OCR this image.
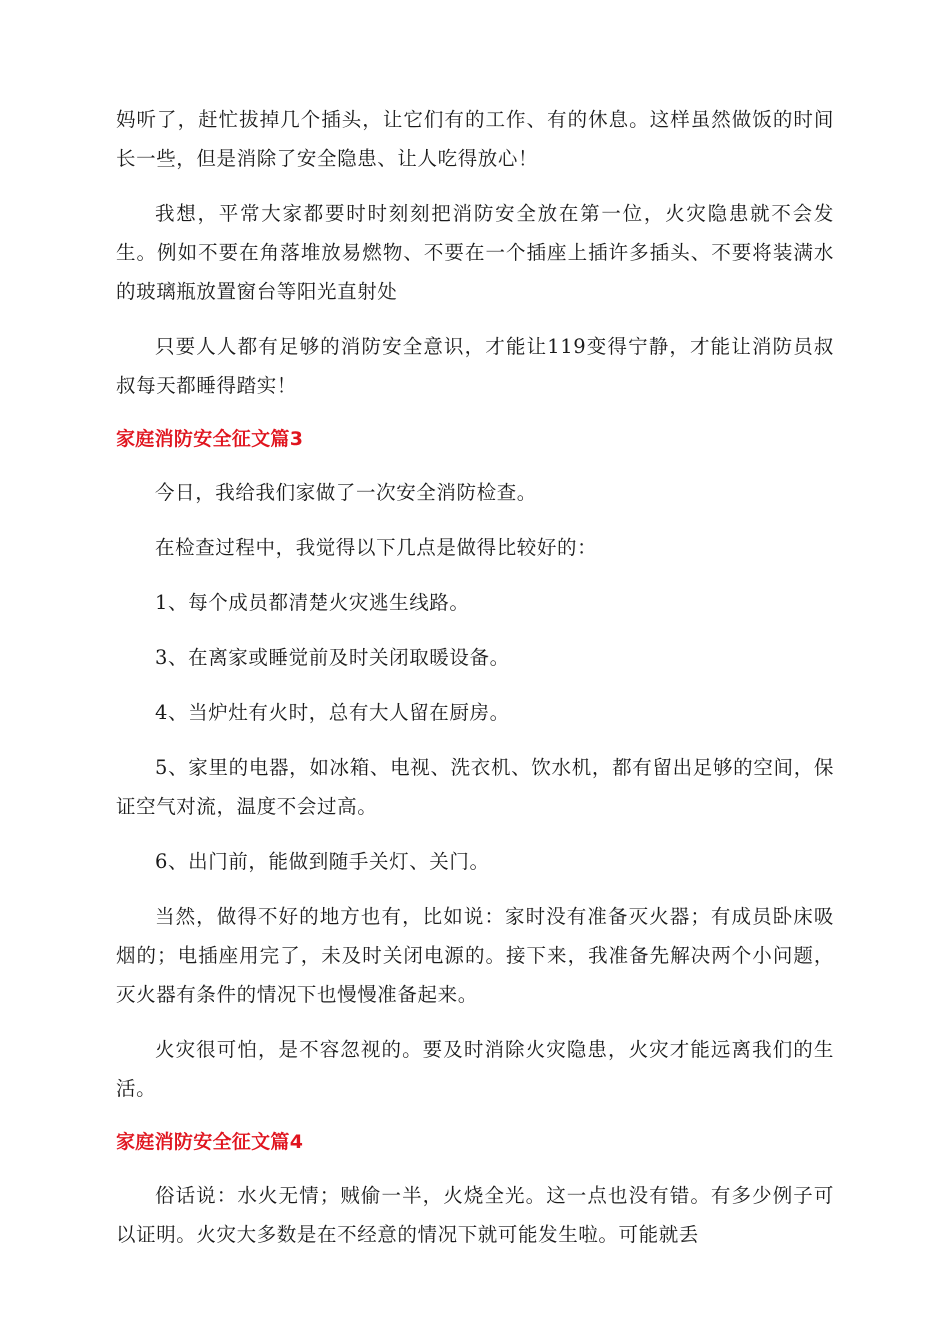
妈听了，赶忙拔掉几个插头，让它们有的工作、有的休息。这样虽然做饭的时间长一些，但是消除了安全隐患、让人吃得放心！

我想，平常大家都要时时刻刻把消防安全放在第一位，火灾隐患就不会发生。例如不要在角落堆放易燃物、不要在一个插座上插许多插头、不要将装满水的玻璃瓶放置窗台等阳光直射处

只要人人都有足够的消防安全意识，才能让119变得宁静，才能让消防员叔叔每天都睡得踏实！

家庭消防安全征文篇3

今日，我给我们家做了一次安全消防检查。

在检查过程中，我觉得以下几点是做得比较好的：

1、每个成员都清楚火灾逃生线路。

3、在离家或睡觉前及时关闭取暖设备。

4、当炉灶有火时，总有大人留在厨房。

5、家里的电器，如冰箱、电视、洗衣机、饮水机，都有留出足够的空间，保证空气对流，温度不会过高。

6、出门前，能做到随手关灯、关门。

当然，做得不好的地方也有，比如说：家时没有准备灭火器；有成员卧床吸烟的；电插座用完了，未及时关闭电源的。接下来，我准备先解决两个小问题，灭火器有条件的情况下也慢慢准备起来。

火灾很可怕，是不容忽视的。要及时消除火灾隐患，火灾才能远离我们的生活。

家庭消防安全征文篇4

俗话说：水火无情；贼偷一半，火烧全光。这一点也没有错。有多少例子可以证明。火灾大多数是在不经意的情况下就可能发生啦。可能就丢
